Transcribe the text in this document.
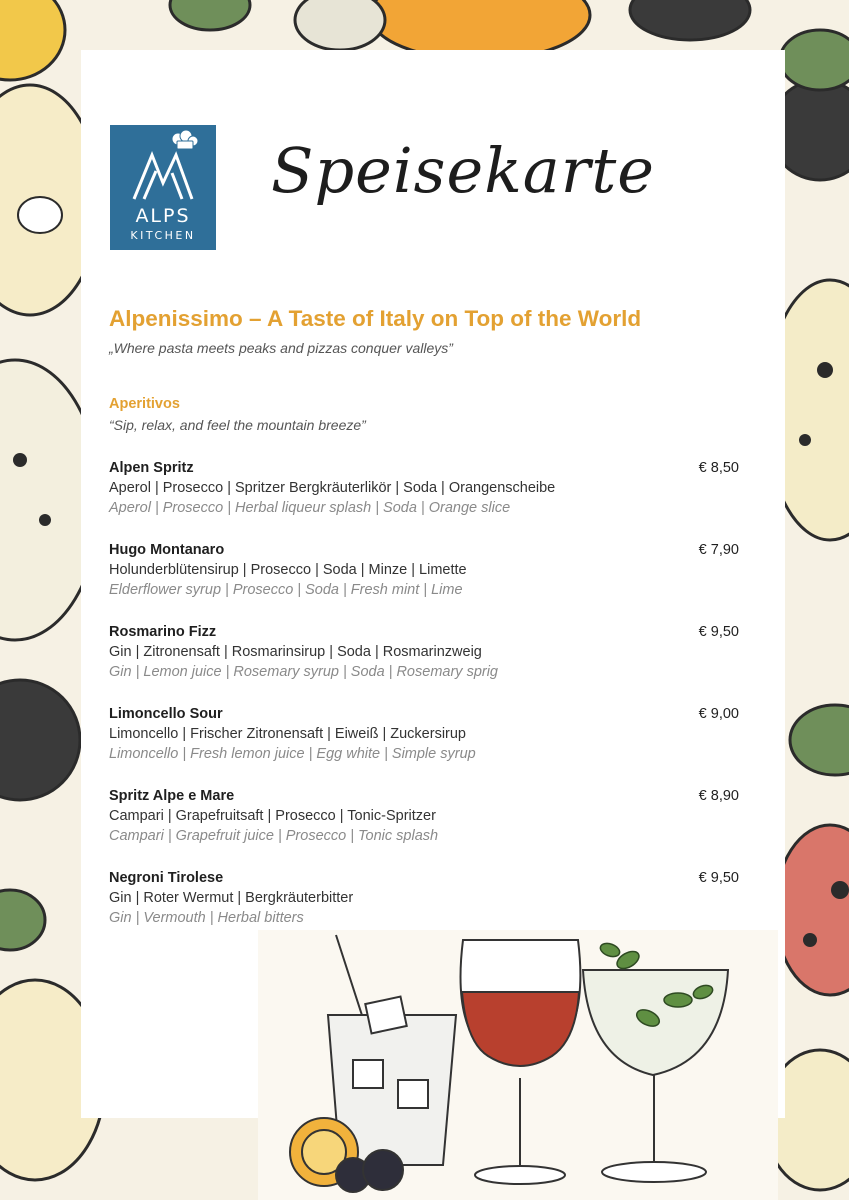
ALPS
KITCHEN
Speisekarte
Alpenissimo – A Taste of Italy on Top of the World
„Where pasta meets peaks and pizzas conquer valleys”
Aperitivos
“Sip, relax, and feel the mountain breeze”
Alpen Spritz	€ 8,50
Aperol | Prosecco | Spritzer Bergkräuterlikör | Soda | Orangenscheibe
Aperol | Prosecco | Herbal liqueur splash | Soda | Orange slice
Hugo Montanaro	€ 7,90
Holunderblütensirup | Prosecco | Soda | Minze | Limette
Elderflower syrup | Prosecco | Soda | Fresh mint | Lime
Rosmarino Fizz	€ 9,50
Gin | Zitronensaft | Rosmarinsirup | Soda | Rosmarinzweig
Gin | Lemon juice | Rosemary syrup | Soda | Rosemary sprig
Limoncello Sour	€ 9,00
Limoncello | Frischer Zitronensaft | Eiweiß | Zuckersirup
Limoncello | Fresh lemon juice | Egg white | Simple syrup
Spritz Alpe e Mare	€ 8,90
Campari | Grapefruitsaft | Prosecco | Tonic-Spritzer
Campari | Grapefruit juice | Prosecco | Tonic splash
Negroni Tirolese	€ 9,50
Gin | Roter Wermut | Bergkräuterbitter
Gin | Vermouth | Herbal bitters
